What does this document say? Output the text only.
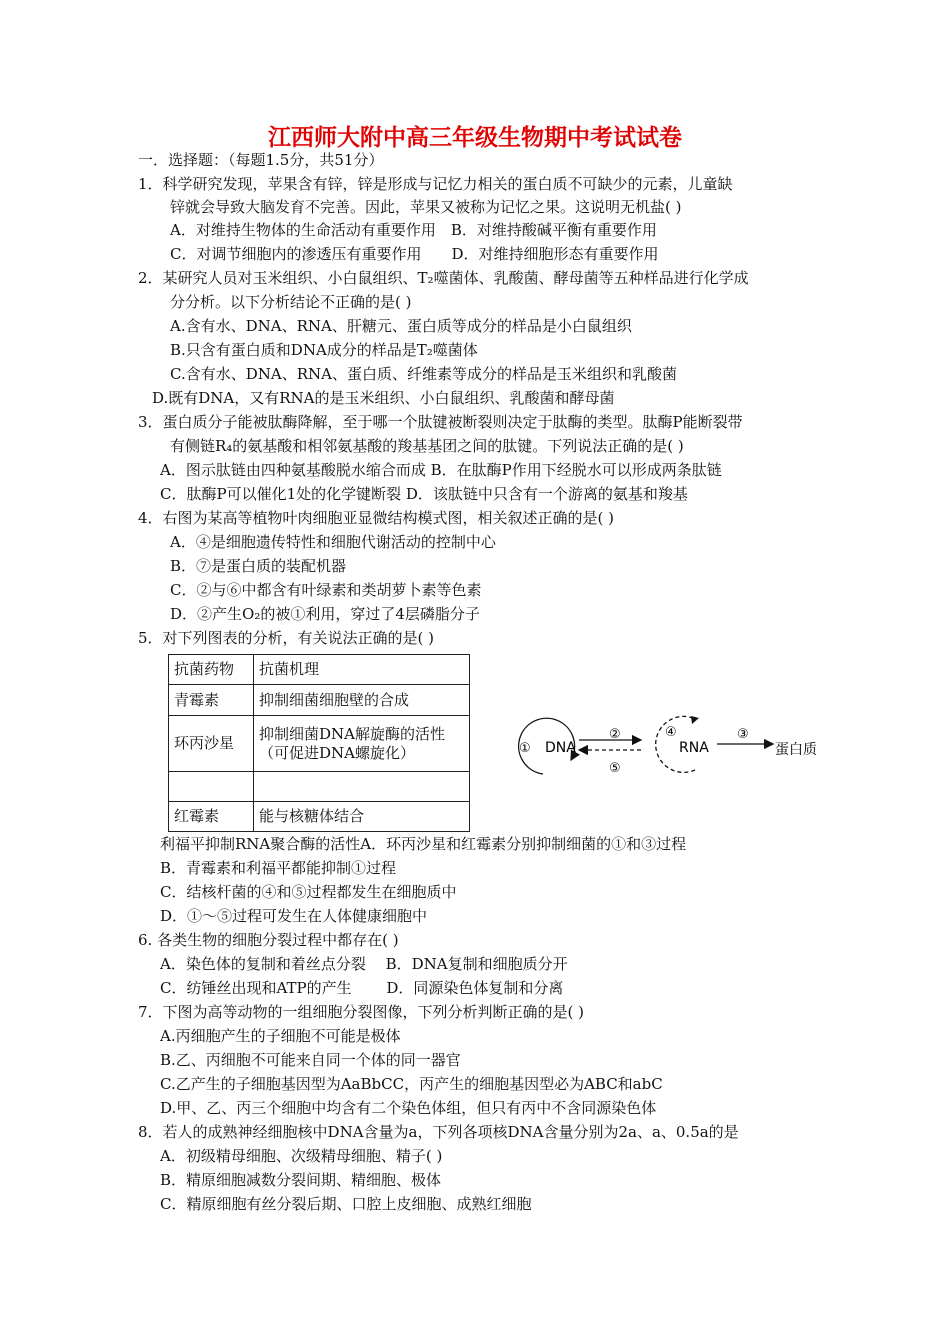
江西师大附中高三年级生物期中考试试卷
一．选择题：（每题1.5分，共51分）
1．科学研究发现，苹果含有锌，锌是形成与记忆力相关的蛋白质不可缺少的元素，儿童缺
锌就会导致大脑发育不完善。因此，苹果又被称为记忆之果。这说明无机盐( )
A．对维持生物体的生命活动有重要作用　B．对维持酸碱平衡有重要作用
C．对调节细胞内的渗透压有重要作用　　D．对维持细胞形态有重要作用
2．某研究人员对玉米组织、小白鼠组织、T₂噬菌体、乳酸菌、酵母菌等五种样品进行化学成
分分析。以下分析结论不正确的是( )
A.含有水、DNA、RNA、肝糖元、蛋白质等成分的样品是小白鼠组织
B.只含有蛋白质和DNA成分的样品是T₂噬菌体
C.含有水、DNA、RNA、蛋白质、纤维素等成分的样品是玉米组织和乳酸菌
D.既有DNA，又有RNA的是玉米组织、小白鼠组织、乳酸菌和酵母菌
3．蛋白质分子能被肽酶降解，至于哪一个肽键被断裂则决定于肽酶的类型。肽酶P能断裂带
有侧链R₄的氨基酸和相邻氨基酸的羧基基团之间的肽键。下列说法正确的是( )
A．图示肽链由四种氨基酸脱水缩合而成 B．在肽酶P作用下经脱水可以形成两条肽链
C．肽酶P可以催化1处的化学键断裂 D．该肽链中只含有一个游离的氨基和羧基
4．右图为某高等植物叶肉细胞亚显微结构模式图，相关叙述正确的是( )
A．④是细胞遗传特性和细胞代谢活动的控制中心
B．⑦是蛋白质的装配机器
C．②与⑥中都含有叶绿素和类胡萝卜素等色素
D．②产生O₂的被①利用，穿过了4层磷脂分子
5．对下列图表的分析，有关说法正确的是( )
抗菌药物	抗菌机理
青霉素	抑制细菌细胞壁的合成
环丙沙星	抑制细菌DNA解旋酶的活性（可促进DNA螺旋化）

红霉素	能与核糖体结合
① DNA
②
⑤
④
RNA
③
蛋白质
利福平抑制RNA聚合酶的活性A．环丙沙星和红霉素分别抑制细菌的①和③过程
B．青霉素和利福平都能抑制①过程
C．结核杆菌的④和⑤过程都发生在细胞质中
D．①～⑤过程可发生在人体健康细胞中
6. 各类生物的细胞分裂过程中都存在( )
A．染色体的复制和着丝点分裂　 B．DNA复制和细胞质分开
C．纺锤丝出现和ATP的产生　　 D．同源染色体复制和分离
7．下图为高等动物的一组细胞分裂图像，下列分析判断正确的是( )
A.丙细胞产生的子细胞不可能是极体
B.乙、丙细胞不可能来自同一个体的同一器官
C.乙产生的子细胞基因型为AaBbCC，丙产生的细胞基因型必为ABC和abC
D.甲、乙、丙三个细胞中均含有二个染色体组，但只有丙中不含同源染色体
8．若人的成熟神经细胞核中DNA含量为a，下列各项核DNA含量分别为2a、a、0.5a的是
A．初级精母细胞、次级精母细胞、精子( )
B．精原细胞减数分裂间期、精细胞、极体
C．精原细胞有丝分裂后期、口腔上皮细胞、成熟红细胞
